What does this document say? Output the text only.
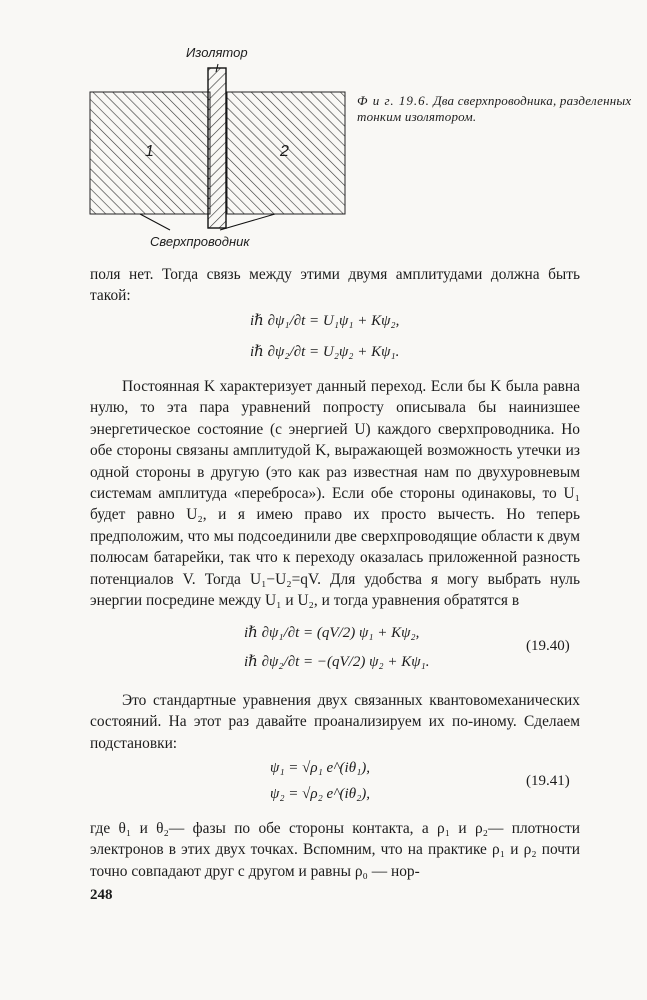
Изолятор
1	2
Сверхпроводник
Ф и г. 19.6. Два сверхпроводника, разделенных тонким изолятором.
поля нет. Тогда связь между этими двумя амплитудами должна быть такой:
iℏ ∂ψ₁/∂t = U₁ψ₁ + Kψ₂,
iℏ ∂ψ₂/∂t = U₂ψ₂ + Kψ₁.
Постоянная K характеризует данный переход. Если бы K была равна нулю, то эта пара уравнений попросту описывала бы наинизшее энергетическое состояние (с энергией U) каждого сверхпроводника. Но обе стороны связаны амплитудой K, выражающей возможность утечки из одной стороны в другую (это как раз известная нам по двухуровневым системам амплитуда «переброса»). Если обе стороны одинаковы, то U₁ будет равно U₂, и я имею право их просто вычесть. Но теперь предположим, что мы подсоединили две сверхпроводящие области к двум полюсам батарейки, так что к переходу оказалась приложенной разность потенциалов V. Тогда U₁−U₂=qV. Для удобства я могу выбрать нуль энергии посредине между U₁ и U₂, и тогда уравнения обратятся в
iℏ ∂ψ₁/∂t = (qV/2) ψ₁ + Kψ₂,
iℏ ∂ψ₂/∂t = −(qV/2) ψ₂ + Kψ₁.
(19.40)
Это стандартные уравнения двух связанных квантовомеханических состояний. На этот раз давайте проанализируем их по-иному. Сделаем подстановки:
ψ₁ = √ρ₁ e^(iθ₁),
ψ₂ = √ρ₂ e^(iθ₂),
(19.41)
где θ₁ и θ₂— фазы по обе стороны контакта, а ρ₁ и ρ₂— плотности электронов в этих двух точках. Вспомним, что на практике ρ₁ и ρ₂ почти точно совпадают друг с другом и равны ρ₀ — нор-
248
